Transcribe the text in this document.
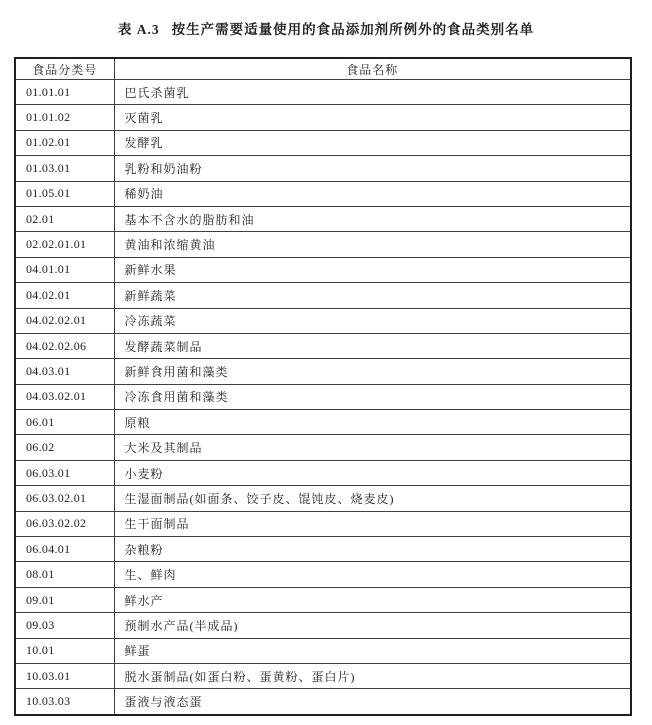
表 A.3 按生产需要适量使用的食品添加剂所例外的食品类别名单
食品分类号	食品名称
01.01.01	巴氏杀菌乳
01.01.02	灭菌乳
01.02.01	发酵乳
01.03.01	乳粉和奶油粉
01.05.01	稀奶油
02.01	基本不含水的脂肪和油
02.02.01.01	黄油和浓缩黄油
04.01.01	新鲜水果
04.02.01	新鲜蔬菜
04.02.02.01	冷冻蔬菜
04.02.02.06	发酵蔬菜制品
04.03.01	新鲜食用菌和藻类
04.03.02.01	冷冻食用菌和藻类
06.01	原粮
06.02	大米及其制品
06.03.01	小麦粉
06.03.02.01	生湿面制品(如面条、饺子皮、馄饨皮、烧麦皮)
06.03.02.02	生干面制品
06.04.01	杂粮粉
08.01	生、鲜肉
09.01	鲜水产
09.03	预制水产品(半成品)
10.01	鲜蛋
10.03.01	脱水蛋制品(如蛋白粉、蛋黄粉、蛋白片)
10.03.03	蛋液与液态蛋
